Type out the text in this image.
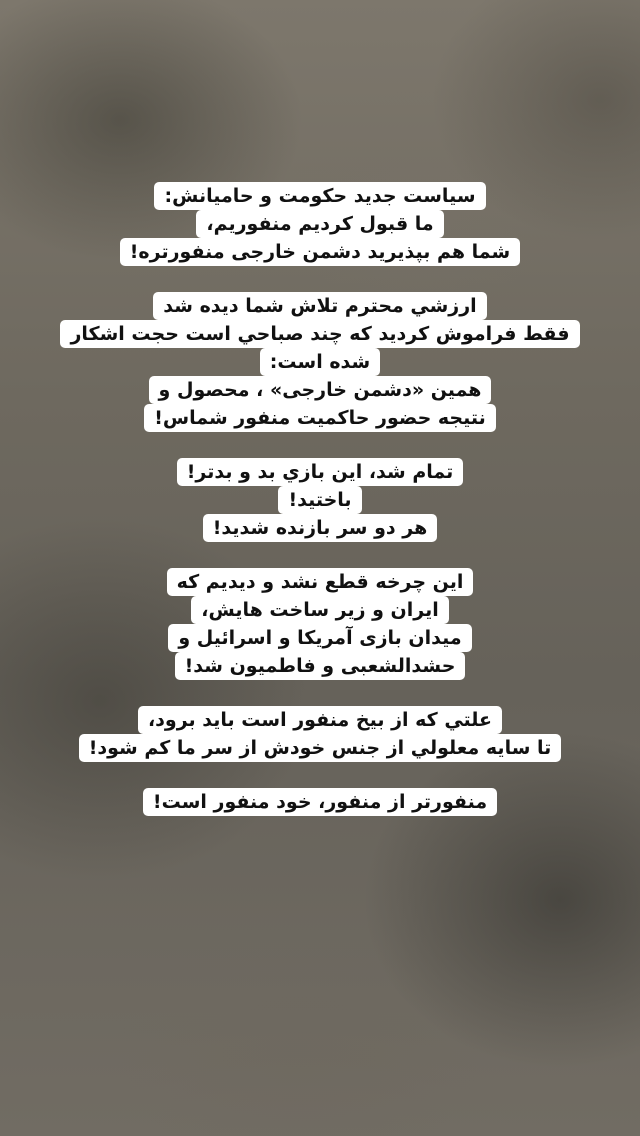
سیاست جدید حکومت و حامیانش:
ما قبول کردیم منفوریم،
شما هم بپذیرید دشمن خارجی منفورتره!
ارزشي محترم تلاش شما ديده شد
فقط فراموش كرديد كه چند صباحي است حجت اشكار
شده است:
همین «دشمن خارجی» ، محصول و
نتیجه حضور حاکمیت منفور شماس!
تمام شد، این بازي بد و بدتر!
باختید!
هر دو سر بازنده شدید!
این چرخه قطع نشد و دیدیم که
ایران و زیر ساخت هایش،
میدان بازی آمریکا و اسرائیل و
حشدالشعبی و فاطمیون شد!
علتي كه از بيخ منفور است بايد برود،
تا سايه معلولي از جنس خودش از سر ما كم شود!
منفورتر از منفور، خود منفور است!
